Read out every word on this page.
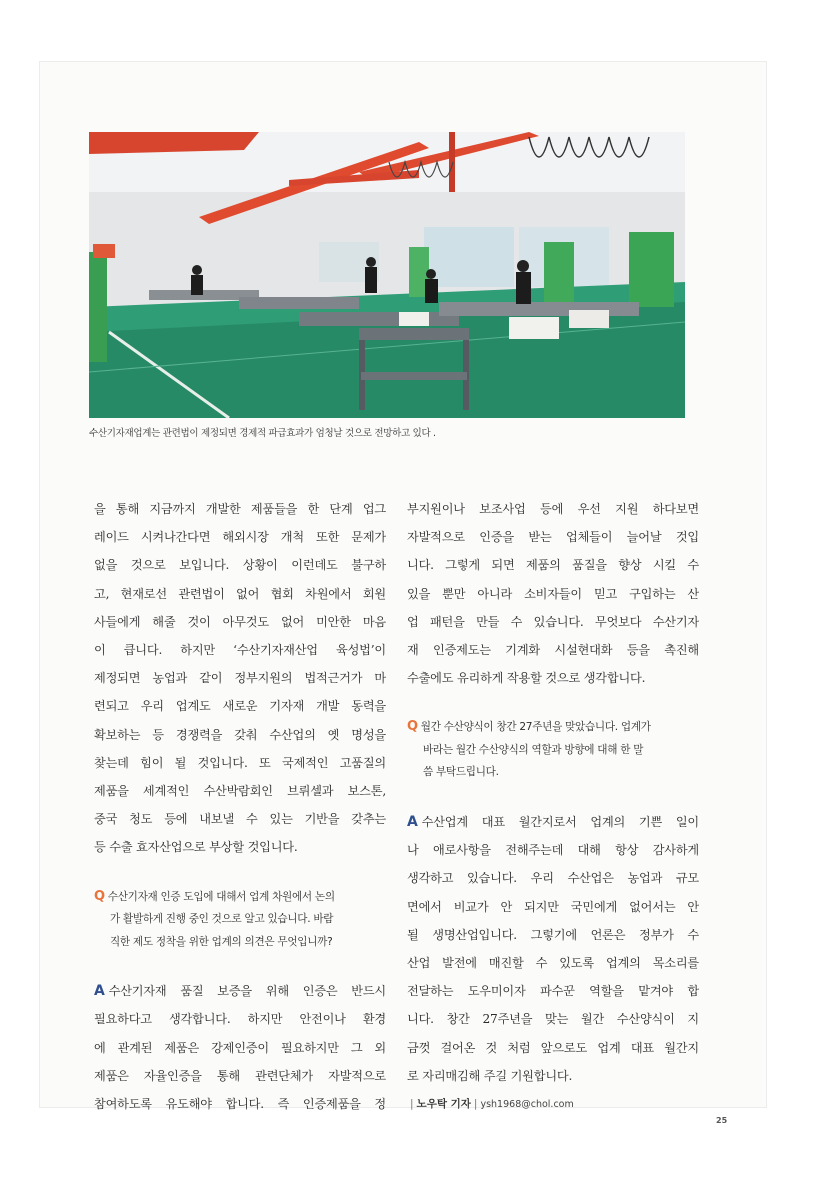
수산기자재업계는 관련법이 제정되면 경제적 파급효과가 엄청날 것으로 전망하고 있다 .

을 통해 지금까지 개발한 제품들을 한 단계 업그
레이드 시켜나간다면 해외시장 개척 또한 문제가
없을 것으로 보입니다. 상황이 이런데도 불구하
고, 현재로선 관련법이 없어 협회 차원에서 회원
사들에게 해줄 것이 아무것도 없어 미안한 마음
이 큽니다. 하지만 ‘수산기자재산업 육성법’이
제정되면 농업과 같이 정부지원의 법적근거가 마
련되고 우리 업계도 새로운 기자재 개발 동력을
확보하는 등 경쟁력을 갖춰 수산업의 옛 명성을
찾는데 힘이 될 것입니다. 또 국제적인 고품질의
제품을 세계적인 수산박람회인 브뤼셀과 보스톤,
중국 청도 등에 내보낼 수 있는 기반을 갖추는
등 수출 효자산업으로 부상할 것입니다.

Q 수산기자재 인증 도입에 대해서 업계 차원에서 논의
가 활발하게 진행 중인 것으로 알고 있습니다. 바람
직한 제도 정착을 위한 업계의 의견은 무엇입니까?

A 수산기자재 품질 보증을 위해 인증은 반드시
필요하다고 생각합니다. 하지만 안전이나 환경
에 관계된 제품은 강제인증이 필요하지만 그 외
제품은 자율인증을 통해 관련단체가 자발적으로
참여하도록 유도해야 합니다. 즉 인증제품을 정

부지원이나 보조사업 등에 우선 지원 하다보면
자발적으로 인증을 받는 업체들이 늘어날 것입
니다. 그렇게 되면 제품의 품질을 향상 시킬 수
있을 뿐만 아니라 소비자들이 믿고 구입하는 산
업 패턴을 만들 수 있습니다. 무엇보다 수산기자
재 인증제도는 기계화 시설현대화 등을 촉진해
수출에도 유리하게 작용할 것으로 생각합니다.

Q 월간 수산양식이 창간 27주년을 맞았습니다. 업계가
바라는 월간 수산양식의 역할과 방향에 대해 한 말
씀 부탁드립니다.

A 수산업계 대표 월간지로서 업계의 기쁜 일이
나 애로사항을 전해주는데 대해 항상 감사하게
생각하고 있습니다. 우리 수산업은 농업과 규모
면에서 비교가 안 되지만 국민에게 없어서는 안
될 생명산업입니다. 그렇기에 언론은 정부가 수
산업 발전에 매진할 수 있도록 업계의 목소리를
전달하는 도우미이자 파수꾼 역할을 맡겨야 합
니다. 창간 27주년을 맞는 월간 수산양식이 지
금껏 걸어온 것 처럼 앞으로도 업계 대표 월간지
로 자리매김해 주길 기원합니다.

| 노우탁 기자 | ysh1968@chol.com
25
